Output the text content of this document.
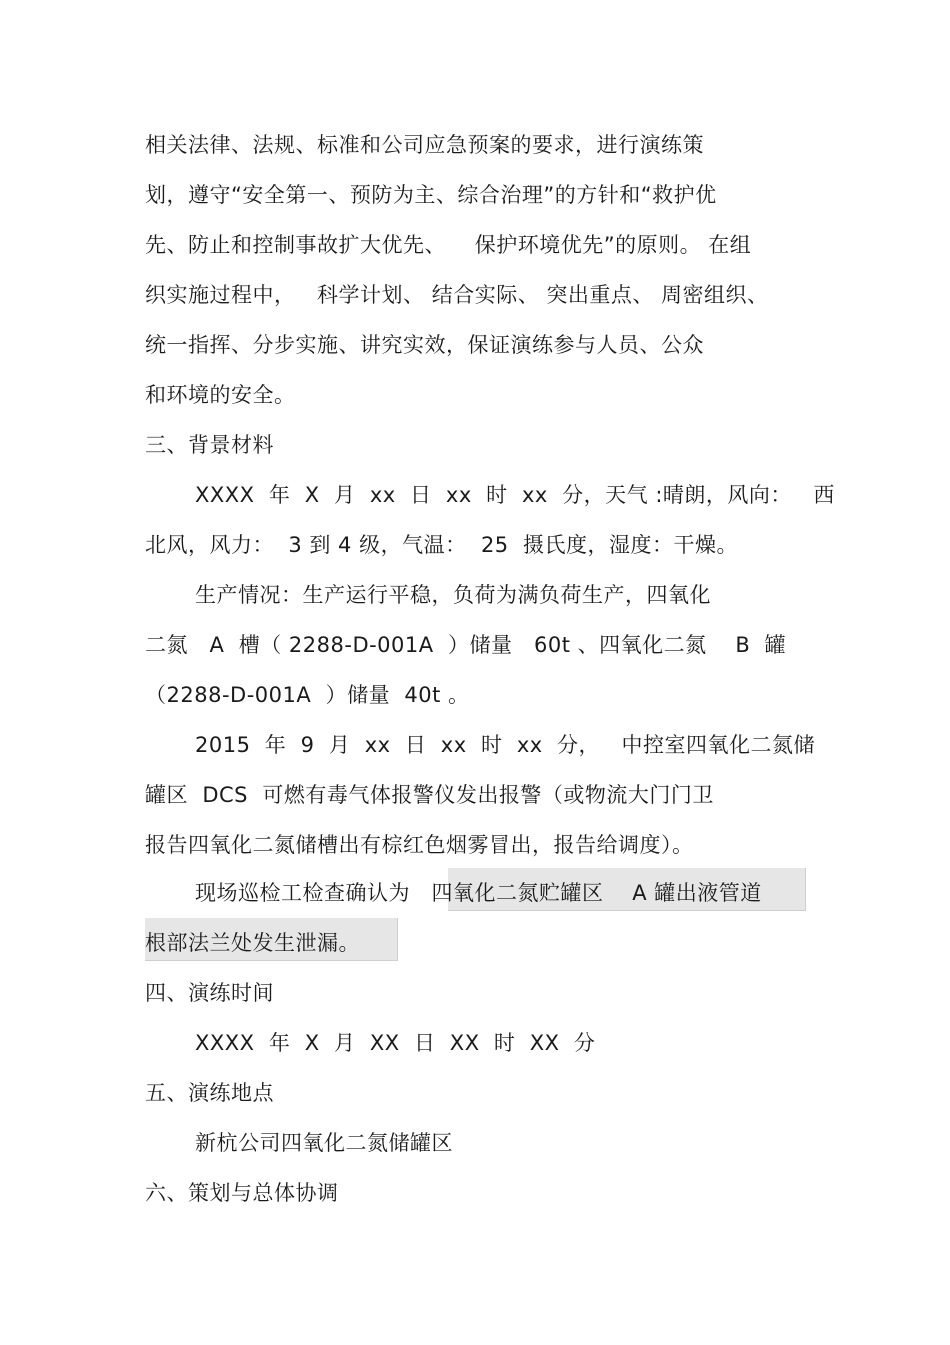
相关法律、法规、标准和公司应急预案的要求，进行演练策
划，遵守“安全第一、预防为主、综合治理”的方针和“救护优
先、防止和控制事故扩大优先、    保护环境优先”的原则。 在组
织实施过程中，   科学计划、 结合实际、 突出重点、 周密组织、
统一指挥、分步实施、讲究实效，保证演练参与人员、公众
和环境的安全。
三、背景材料
XXXX  年  X  月  xx  日  xx  时  xx  分，天气 :晴朗，风向：   西
北风，风力：  3 到 4 级，气温：  25  摄氏度，湿度：干燥。
生产情况：生产运行平稳，负荷为满负荷生产，四氧化
二氮   A  槽（ 2288-D-001A  ）储量   60t 、四氧化二氮    B  罐
（2288-D-001A  ）储量  40t 。
2015  年  9  月  xx  日  xx  时  xx  分，   中控室四氧化二氮储
罐区  DCS  可燃有毒气体报警仪发出报警（或物流大门门卫
报告四氧化二氮储槽出有棕红色烟雾冒出，报告给调度）。
现场巡检工检查确认为   四氧化二氮贮罐区    A 罐出液管道
根部法兰处发生泄漏。
四、演练时间
XXXX  年  X  月  XX  日  XX  时  XX  分
五、演练地点
新杭公司四氧化二氮储罐区
六、策划与总体协调
